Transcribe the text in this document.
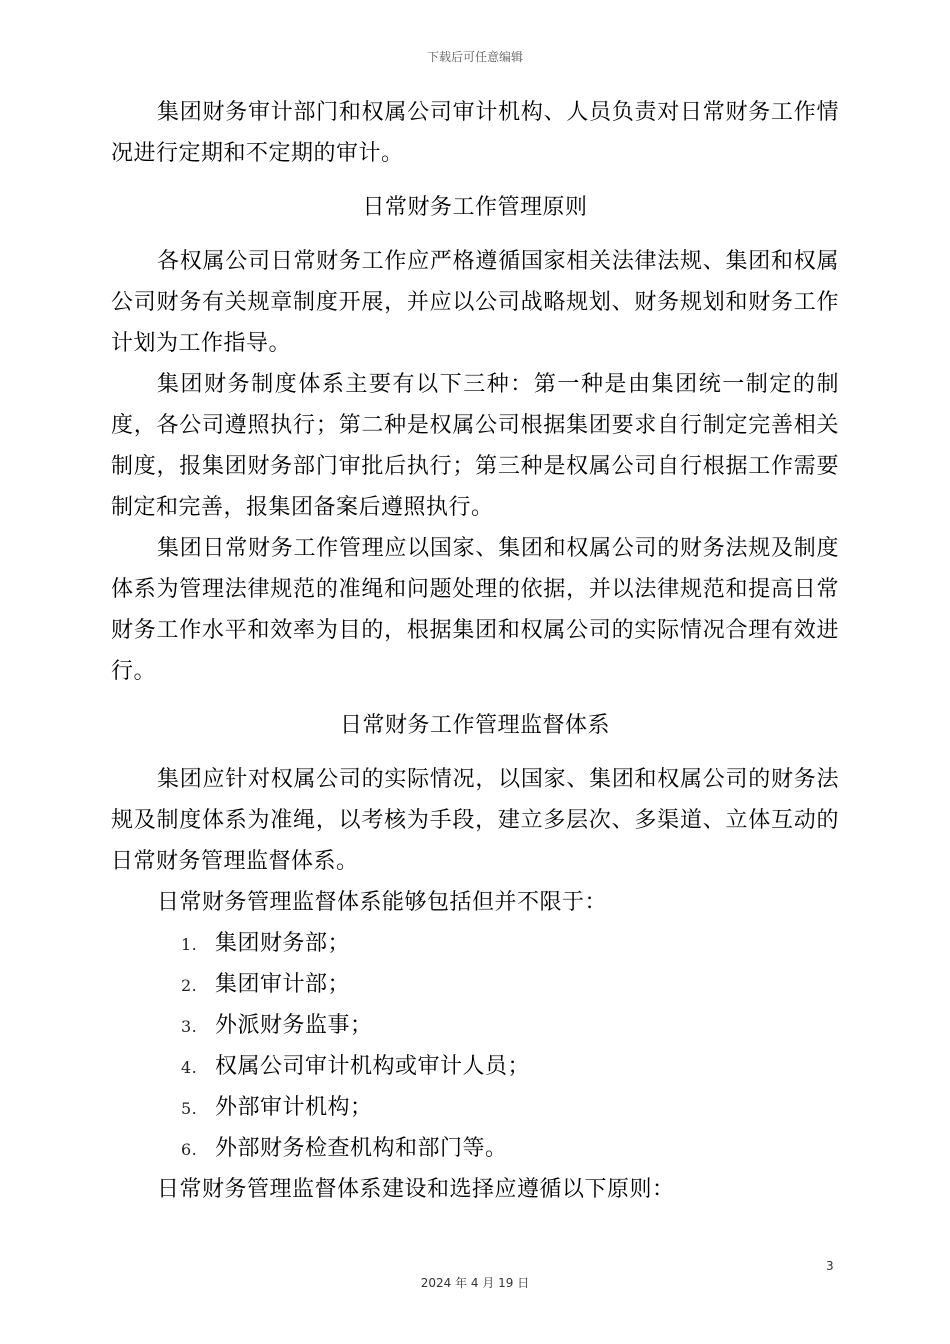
下载后可任意编辑

集团财务审计部门和权属公司审计机构、人员负责对日常财务工作情况进行定期和不定期的审计。

日常财务工作管理原则

各权属公司日常财务工作应严格遵循国家相关法律法规、集团和权属公司财务有关规章制度开展，并应以公司战略规划、财务规划和财务工作计划为工作指导。

集团财务制度体系主要有以下三种：第一种是由集团统一制定的制度，各公司遵照执行；第二种是权属公司根据集团要求自行制定完善相关制度，报集团财务部门审批后执行；第三种是权属公司自行根据工作需要制定和完善，报集团备案后遵照执行。

集团日常财务工作管理应以国家、集团和权属公司的财务法规及制度体系为管理法律规范的准绳和问题处理的依据，并以法律规范和提高日常财务工作水平和效率为目的，根据集团和权属公司的实际情况合理有效进行。

日常财务工作管理监督体系

集团应针对权属公司的实际情况，以国家、集团和权属公司的财务法规及制度体系为准绳，以考核为手段，建立多层次、多渠道、立体互动的日常财务管理监督体系。

日常财务管理监督体系能够包括但并不限于：

1. 集团财务部；
2. 集团审计部；
3. 外派财务监事；
4. 权属公司审计机构或审计人员；
5. 外部审计机构；
6. 外部财务检查机构和部门等。

日常财务管理监督体系建设和选择应遵循以下原则：

3
2024 年 4 月 19 日
